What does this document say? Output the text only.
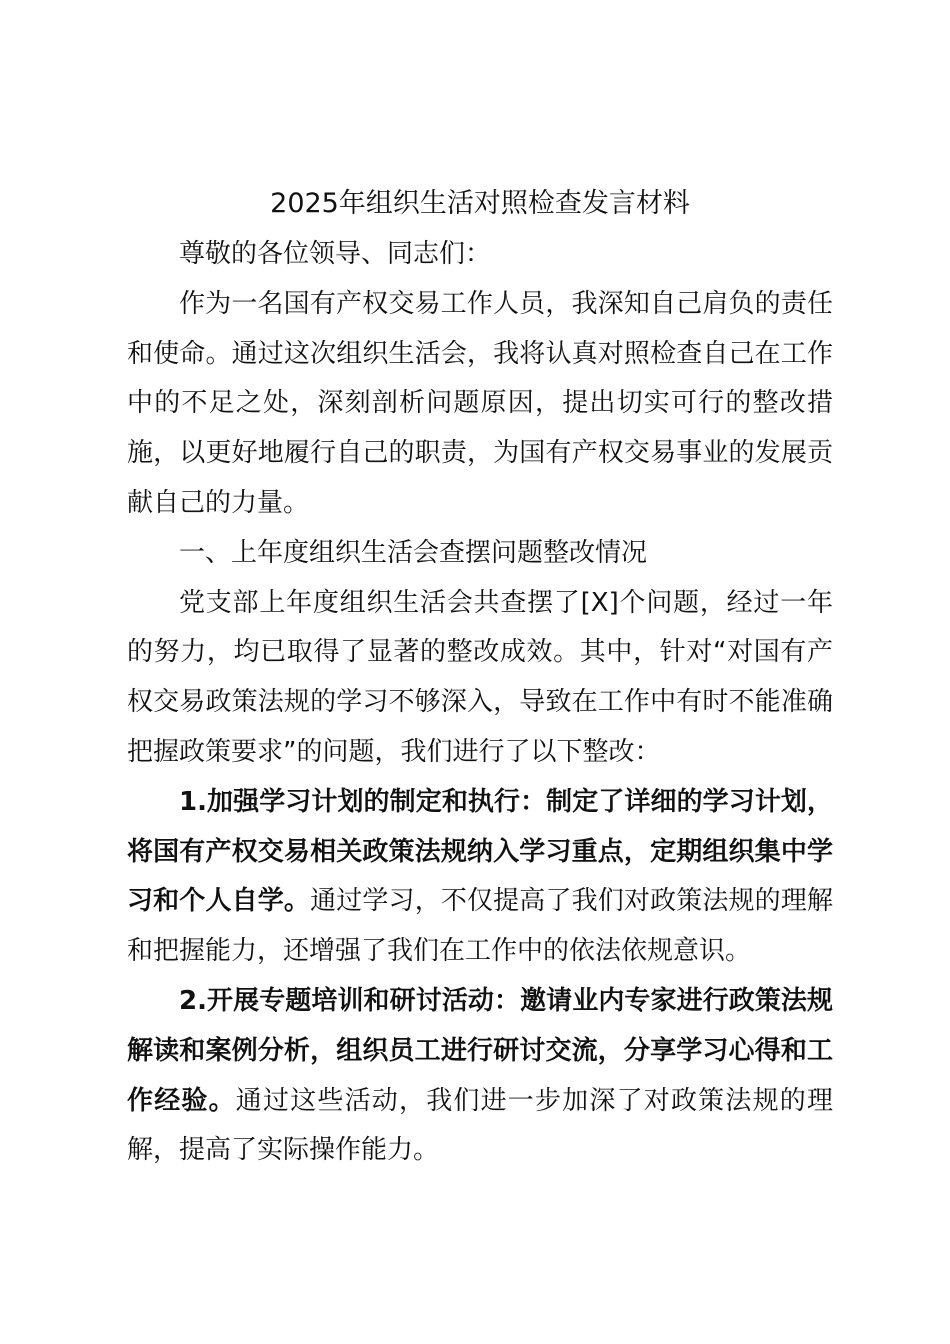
2025年组织生活对照检查发言材料

尊敬的各位领导、同志们：

作为一名国有产权交易工作人员，我深知自己肩负的责任和使命。通过这次组织生活会，我将认真对照检查自己在工作中的不足之处，深刻剖析问题原因，提出切实可行的整改措施，以更好地履行自己的职责，为国有产权交易事业的发展贡献自己的力量。

一、上年度组织生活会查摆问题整改情况

党支部上年度组织生活会共查摆了[X]个问题，经过一年的努力，均已取得了显著的整改成效。其中，针对“对国有产权交易政策法规的学习不够深入，导致在工作中有时不能准确把握政策要求”的问题，我们进行了以下整改：

1.加强学习计划的制定和执行：制定了详细的学习计划，将国有产权交易相关政策法规纳入学习重点，定期组织集中学习和个人自学。通过学习，不仅提高了我们对政策法规的理解和把握能力，还增强了我们在工作中的依法依规意识。

2.开展专题培训和研讨活动：邀请业内专家进行政策法规解读和案例分析，组织员工进行研讨交流，分享学习心得和工作经验。通过这些活动，我们进一步加深了对政策法规的理解，提高了实际操作能力。
